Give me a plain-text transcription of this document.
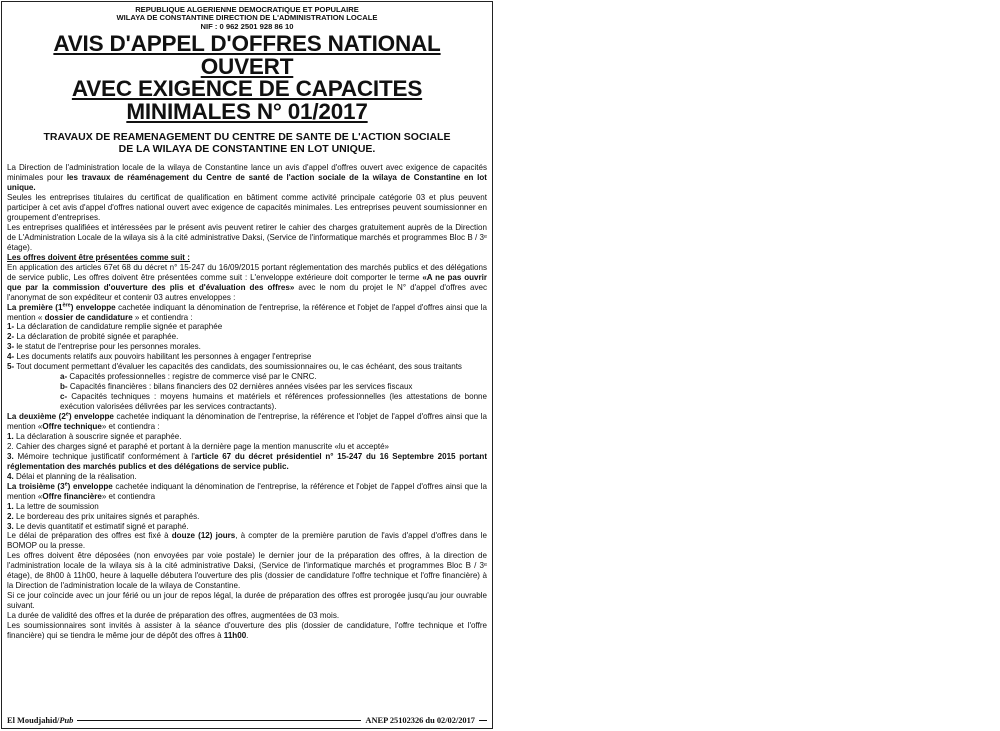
REPUBLIQUE ALGERIENNE DEMOCRATIQUE ET POPULAIRE
WILAYA DE CONSTANTINE DIRECTION DE L'ADMINISTRATION LOCALE
NIF : 0 962 2501 928 86 10
AVIS D'APPEL D'OFFRES NATIONAL OUVERT
AVEC EXIGENCE DE CAPACITES
MINIMALES N° 01/2017
TRAVAUX DE REAMENAGEMENT DU CENTRE DE SANTE DE L'ACTION SOCIALE
DE LA WILAYA DE CONSTANTINE EN LOT UNIQUE.

La Direction de l'administration locale de la wilaya de Constantine lance un avis d'appel d'offres ouvert avec exigence de capacités minimales pour les travaux de réaménagement du Centre de santé de l'action sociale de la wilaya de Constantine en lot unique.

Seules les entreprises titulaires du certificat de qualification en bâtiment comme activité principale catégorie 03 et plus peuvent participer à cet avis d'appel d'offres national ouvert avec exigence de capacités minimales. Les entreprises peuvent soumissionner en groupement d'entreprises.

Les entreprises qualifiées et intéressées par le présent avis peuvent retirer le cahier des charges gratuitement auprès de la Direction de L'Administration Locale de la wilaya sis à la cité administrative Daksi, (Service de l'informatique marchés et programmes Bloc B / 3ᵉ étage).

Les offres doivent être présentées comme suit :

En application des articles 67et 68 du décret n° 15-247 du 16/09/2015 portant réglementation des marchés publics et des délégations de service public, Les offres doivent être présentées comme suit : L'enveloppe extérieure doit comporter le terme «A ne pas ouvrir que par la commission d'ouverture des plis et d'évaluation des offres» avec le nom du projet le N° d'appel d'offres avec l'anonymat de son expéditeur et contenir 03 autres enveloppes :

La première (1ère) enveloppe cachetée indiquant la dénomination de l'entreprise, la référence et l'objet de l'appel d'offres ainsi que la mention « dossier de candidature » et contiendra :

1- La déclaration de candidature remplie signée et paraphée

2- La déclaration de probité signée et paraphée.

3- le statut de l'entreprise pour les personnes morales.

4- Les documents relatifs aux pouvoirs habilitant les personnes à engager l'entreprise

5- Tout document permettant d'évaluer les capacités des candidats, des soumissionnaires ou, le cas échéant, des sous traitants

a- Capacités professionnelles : registre de commerce visé par le CNRC.

b- Capacités financières : bilans financiers des 02 dernières années visées par les services fiscaux

c- Capacités techniques : moyens humains et matériels et références professionnelles (les attestations de bonne exécution valorisées délivrées par les services contractants).

La deuxième (2e) enveloppe cachetée indiquant la dénomination de l'entreprise, la référence et l'objet de l'appel d'offres ainsi que la mention «Offre technique» et contiendra :

1. La déclaration à souscrire signée et paraphée.

2. Cahier des charges signé et paraphé et portant à la dernière page la mention manuscrite «lu et accepté»

3. Mémoire technique justificatif conformément à l'article 67 du décret présidentiel n° 15-247 du 16 Septembre 2015 portant réglementation des marchés publics et des délégations de service public.

4. Délai et planning de la réalisation.

La troisième (3e) enveloppe cachetée indiquant la dénomination de l'entreprise, la référence et l'objet de l'appel d'offres ainsi que la mention «Offre financière» et contiendra

1. La lettre de soumission

2. Le bordereau des prix unitaires signés et paraphés.

3. Le devis quantitatif et estimatif signé et paraphé.

Le délai de préparation des offres est fixé à douze (12) jours, à compter de la première parution de l'avis d'appel d'offres dans le BOMOP ou la presse.

Les offres doivent être déposées (non envoyées par voie postale) le dernier jour de la préparation des offres, à la direction de l'administration locale de la wilaya sis à la cité administrative Daksi, (Service de l'informatique marchés et programmes Bloc B / 3ᵉ étage), de 8h00 à 11h00, heure à laquelle débutera l'ouverture des plis (dossier de candidature l'offre technique et l'offre financière) à la Direction de l'administration locale de la wilaya de Constantine.

Si ce jour coïncide avec un jour férié ou un jour de repos légal, la durée de préparation des offres est prorogée jusqu'au jour ouvrable suivant.

La durée de validité des offres et la durée de préparation des offres, augmentées de 03 mois.

Les soumissionnaires sont invités à assister à la séance d'ouverture des plis (dossier de candidature, l'offre technique et l'offre financière) qui se tiendra le même jour de dépôt des offres à 11h00.

El Moudjahid/Pub	ANEP 25102326 du 02/02/2017
